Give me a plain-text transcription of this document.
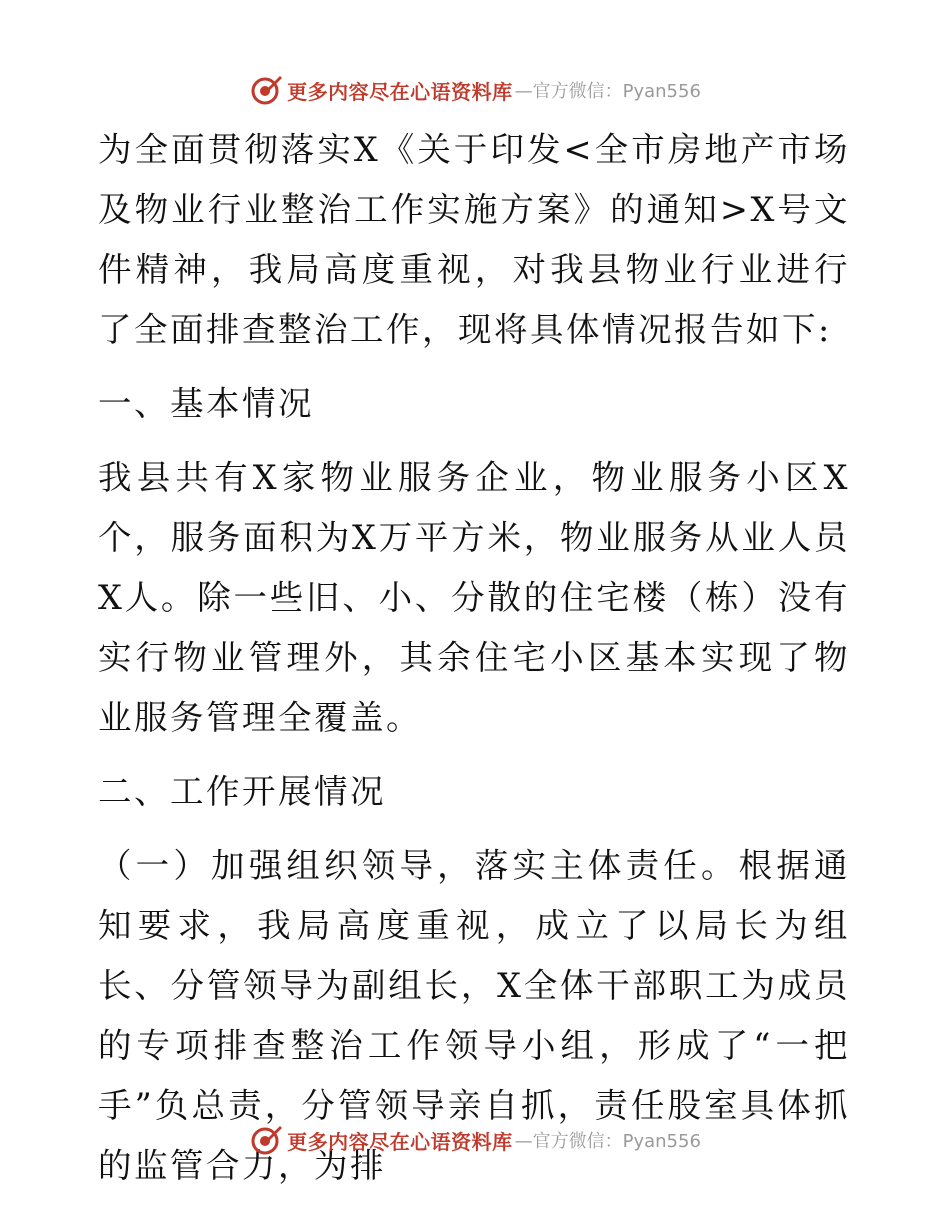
更多内容尽在心语资料库 —官方微信：Pyan556

为全面贯彻落实X《关于印发<全市房地产市场及物业行业整治工作实施方案》的通知>X号文件精神，我局高度重视，对我县物业行业进行了全面排查整治工作，现将具体情况报告如下:

一、基本情况

我县共有X家物业服务企业，物业服务小区X个，服务面积为X万平方米，物业服务从业人员X人。除一些旧、小、分散的住宅楼（栋）没有实行物业管理外，其余住宅小区基本实现了物业服务管理全覆盖。

二、工作开展情况

（一）加强组织领导，落实主体责任。根据通知要求，我局高度重视，成立了以局长为组长、分管领导为副组长，X全体干部职工为成员的专项排查整治工作领导小组，形成了“一把手”负总责，分管领导亲自抓，责任股室具体抓的监管合力，为排

更多内容尽在心语资料库 —官方微信：Pyan556
